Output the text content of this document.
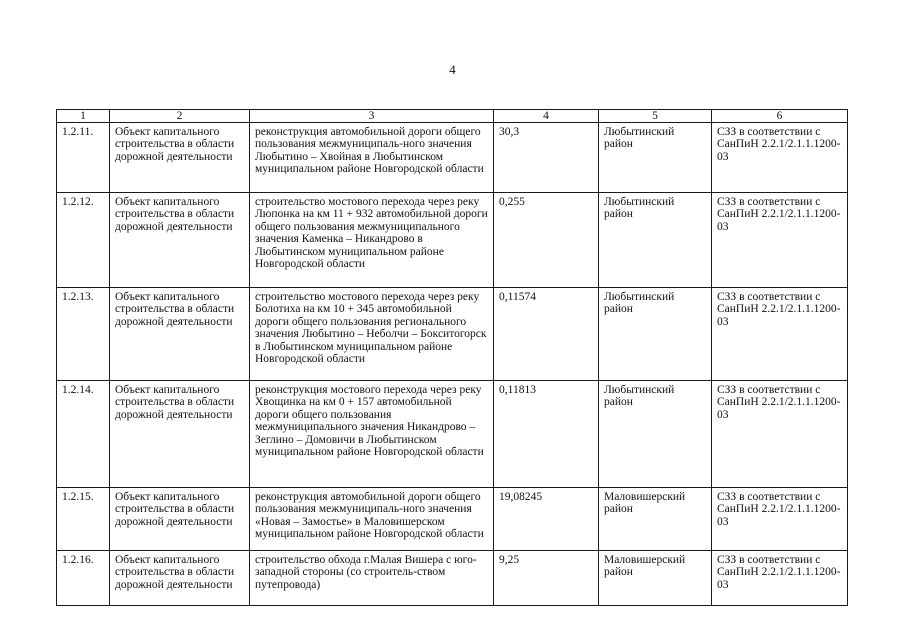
4
1	2	3	4	5	6
1.2.11.	Объект капитального строительства в области дорожной деятельности	реконструкция автомобильной дороги общего пользования межмуниципаль-ного значения Любытино – Хвойная в Любытинском муниципальном районе Новгородской области	30,3	Любытинский район	СЗЗ в соответствии с СанПиН 2.2.1/2.1.1.1200-03
1.2.12.	Объект капитального строительства в области дорожной деятельности	строительство мостового перехода через реку Люпонка на км 11 + 932 автомобильной дороги общего пользования межмуниципального значения Каменка – Никандрово в Любытинском муниципальном районе Новгородской области	0,255	Любытинский район	СЗЗ в соответствии с СанПиН 2.2.1/2.1.1.1200-03
1.2.13.	Объект капитального строительства в области дорожной деятельности	строительство мостового перехода через реку Болотиха на км 10 + 345 автомобильной дороги общего пользования регионального значения Любытино – Неболчи – Бокситогорск в Любытинском муниципальном районе Новгородской области	0,11574	Любытинский район	СЗЗ в соответствии с СанПиН 2.2.1/2.1.1.1200-03
1.2.14.	Объект капитального строительства в области дорожной деятельности	реконструкция мостового перехода через реку Хвощинка на км 0 + 157 автомобильной дороги общего пользования межмуниципального значения Никандрово – Зеглино – Домовичи в Любытинском муниципальном районе Новгородской области	0,11813	Любытинский район	СЗЗ в соответствии с СанПиН 2.2.1/2.1.1.1200-03
1.2.15.	Объект капитального строительства в области дорожной деятельности	реконструкция автомобильной дороги общего пользования межмуниципаль-ного значения «Новая – Замостье» в Маловишерском муниципальном районе Новгородской области	19,08245	Маловишерский район	СЗЗ в соответствии с СанПиН 2.2.1/2.1.1.1200-03
1.2.16.	Объект капитального строительства в области дорожной деятельности	строительство обхода г.Малая Вишера с юго-западной стороны (со строитель-ством путепровода)	9,25	Маловишерский район	СЗЗ в соответствии с СанПиН 2.2.1/2.1.1.1200-03
